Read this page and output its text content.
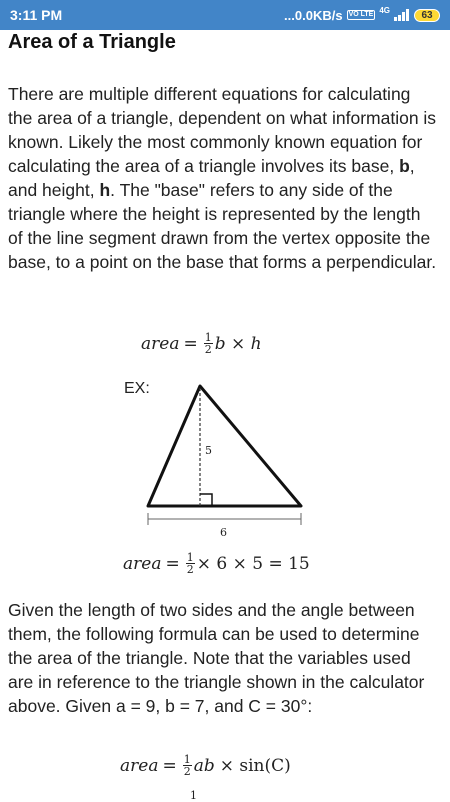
3:11 PM	...0.0KB/s VO LTE 4G	63
Area of a Triangle

There are multiple different equations for calculating the area of a triangle, dependent on what information is known. Likely the most commonly known equation for calculating the area of a triangle involves its base, b, and height, h. The "base" refers to any side of the triangle where the height is represented by the length of the line segment drawn from the vertex opposite the base, to a point on the base that forms a perpendicular.

area = $\frac{1}{2}$ b × h
EX:
5
6
area = $\frac{1}{2} \times 6 \times 5 = 15$

Given the length of two sides and the angle between them, the following formula can be used to determine the area of the triangle. Note that the variables used are in reference to the triangle shown in the calculator above. Given a = 9, b = 7, and C = 30°:

area = $\frac{1}{2}$ ab × sin(C)
1
